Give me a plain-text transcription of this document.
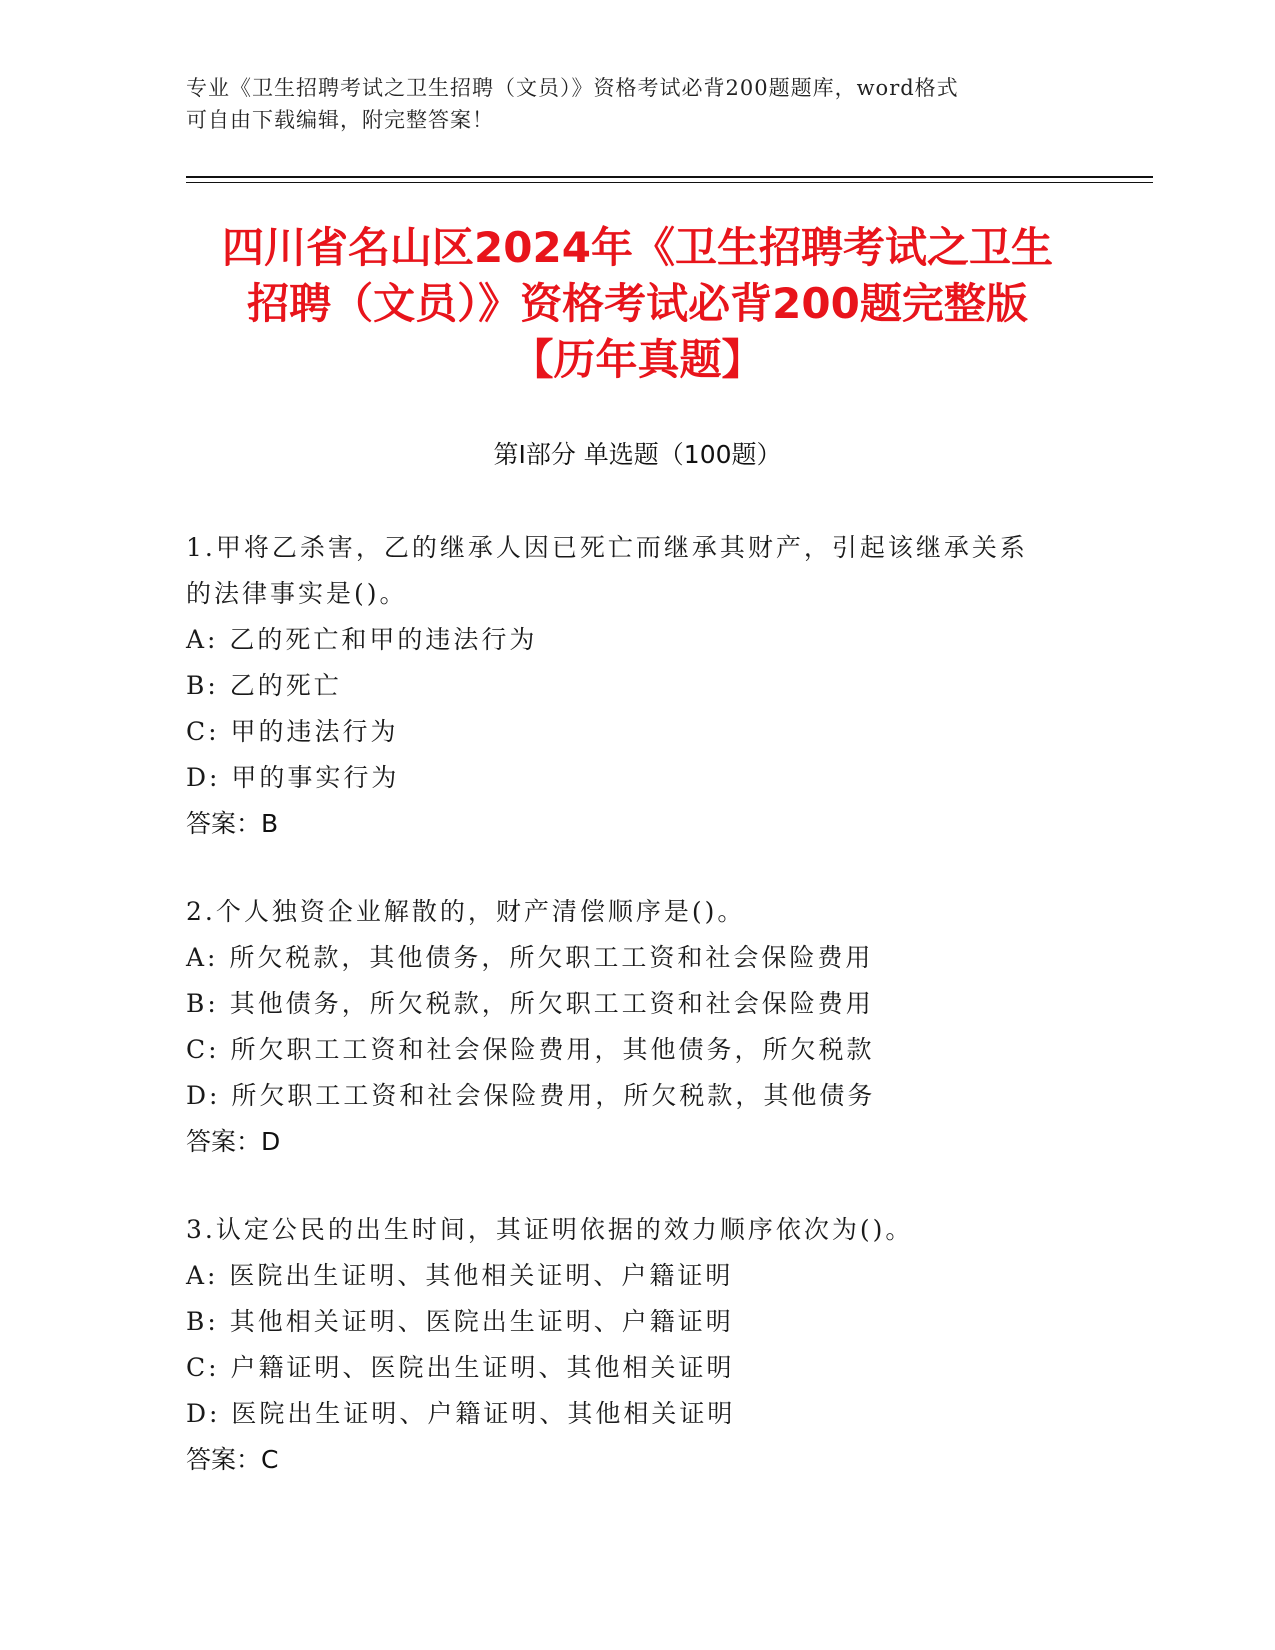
专业《卫生招聘考试之卫生招聘（文员）》资格考试必背200题题库，word格式
可自由下载编辑，附完整答案！
四川省名山区2024年《卫生招聘考试之卫生
招聘（文员）》资格考试必背200题完整版
【历年真题】
第Ⅰ部分 单选题（100题）
1.甲将乙杀害，乙的继承人因已死亡而继承其财产，引起该继承关系
的法律事实是()。
A: 乙的死亡和甲的违法行为
B: 乙的死亡
C: 甲的违法行为
D: 甲的事实行为
答案：B
2.个人独资企业解散的，财产清偿顺序是()。
A: 所欠税款，其他债务，所欠职工工资和社会保险费用
B: 其他债务，所欠税款，所欠职工工资和社会保险费用
C: 所欠职工工资和社会保险费用，其他债务，所欠税款
D: 所欠职工工资和社会保险费用，所欠税款，其他债务
答案：D
3.认定公民的出生时间，其证明依据的效力顺序依次为()。
A: 医院出生证明、其他相关证明、户籍证明
B: 其他相关证明、医院出生证明、户籍证明
C: 户籍证明、医院出生证明、其他相关证明
D: 医院出生证明、户籍证明、其他相关证明
答案：C
